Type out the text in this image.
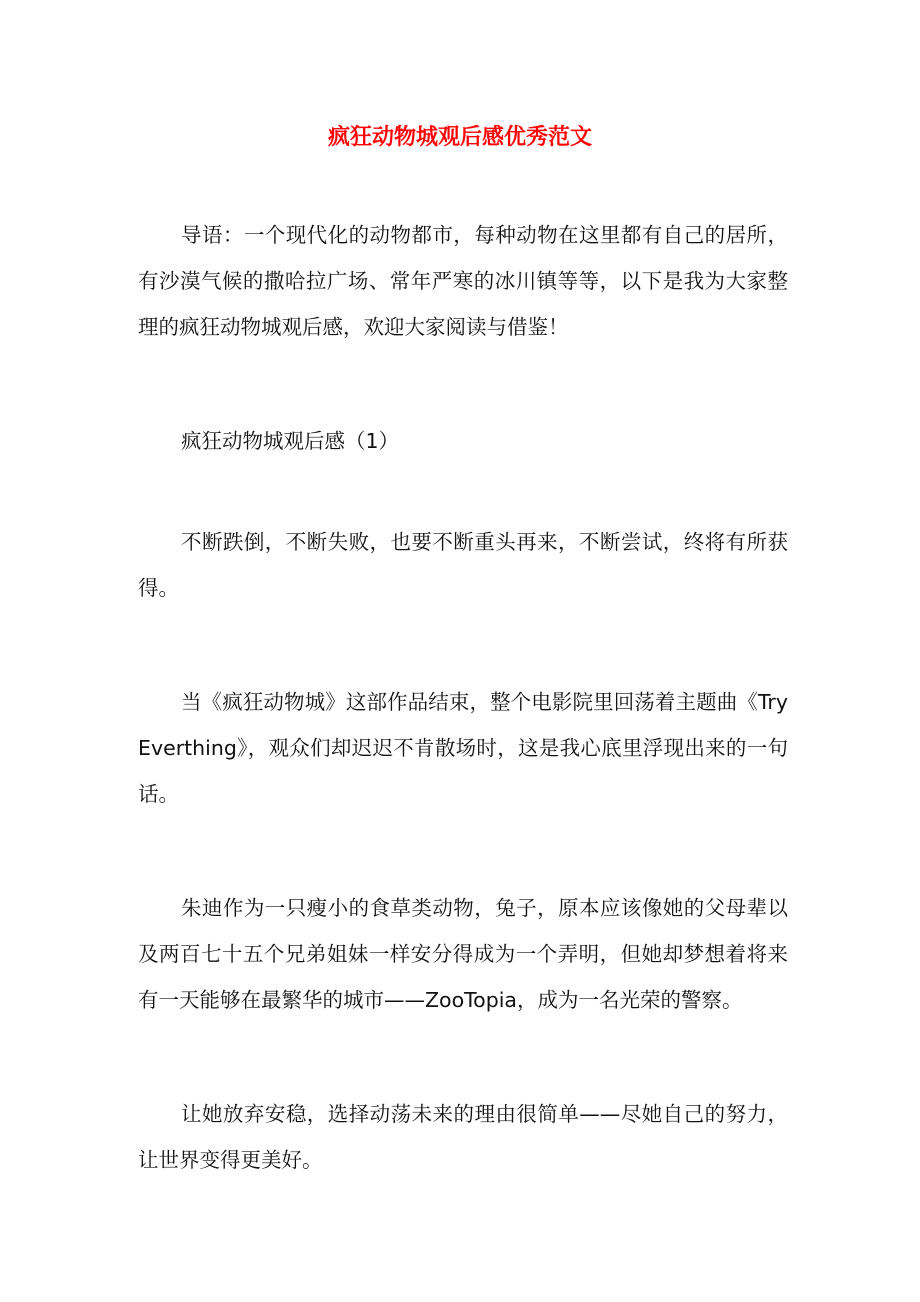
疯狂动物城观后感优秀范文

导语：一个现代化的动物都市，每种动物在这里都有自己的居所，有沙漠气候的撒哈拉广场、常年严寒的冰川镇等等，以下是我为大家整理的疯狂动物城观后感，欢迎大家阅读与借鉴！

疯狂动物城观后感（1）

不断跌倒，不断失败，也要不断重头再来，不断尝试，终将有所获得。

当《疯狂动物城》这部作品结束，整个电影院里回荡着主题曲《Try Everthing》，观众们却迟迟不肯散场时，这是我心底里浮现出来的一句话。

朱迪作为一只瘦小的食草类动物，兔子，原本应该像她的父母辈以及两百七十五个兄弟姐妹一样安分得成为一个弄明，但她却梦想着将来有一天能够在最繁华的城市——ZooTopia，成为一名光荣的警察。

让她放弃安稳，选择动荡未来的理由很简单——尽她自己的努力，让世界变得更美好。
